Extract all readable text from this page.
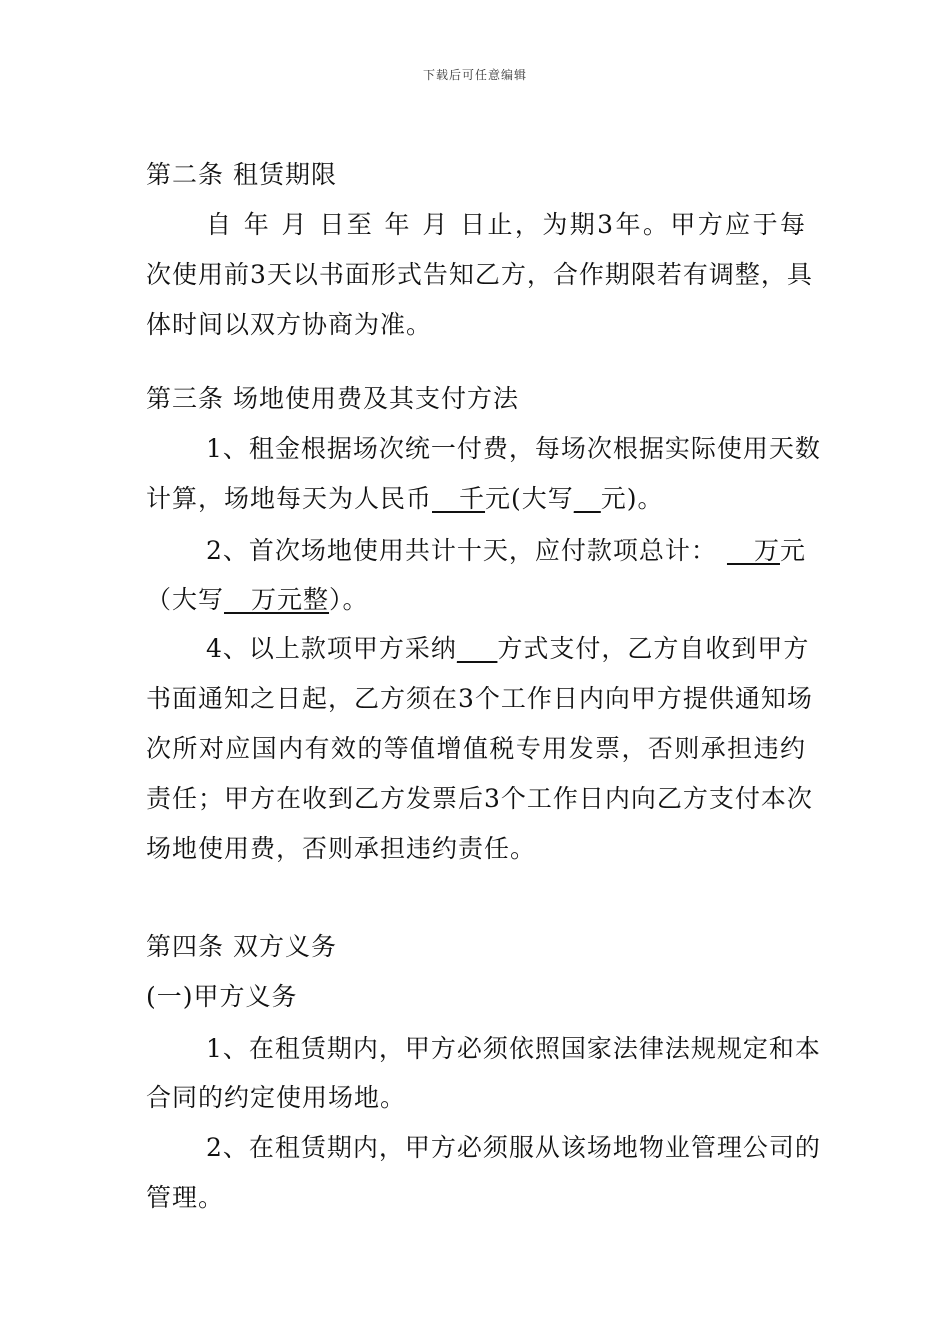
下载后可任意编辑
第二条 租赁期限
自 年 月 日至 年 月 日止，为期3年。甲方应于每
次使用前3天以书面形式告知乙方，合作期限若有调整，具
体时间以双方协商为准。
第三条 场地使用费及其支付方法
1、租金根据场次统一付费，每场次根据实际使用天数
计算，场地每天为人民币__千元(大写__元)。
2、首次场地使用共计十天，应付款项总计： __万元
（大写__万元整）。
4、以上款项甲方采纳___ 方式支付，乙方自收到甲方
书面通知之日起，乙方须在3个工作日内向甲方提供通知场
次所对应国内有效的等值增值税专用发票，否则承担违约
责任；甲方在收到乙方发票后3个工作日内向乙方支付本次
场地使用费，否则承担违约责任。
第四条 双方义务
(一)甲方义务
1、在租赁期内，甲方必须依照国家法律法规规定和本
合同的约定使用场地。
2、在租赁期内，甲方必须服从该场地物业管理公司的
管理。
